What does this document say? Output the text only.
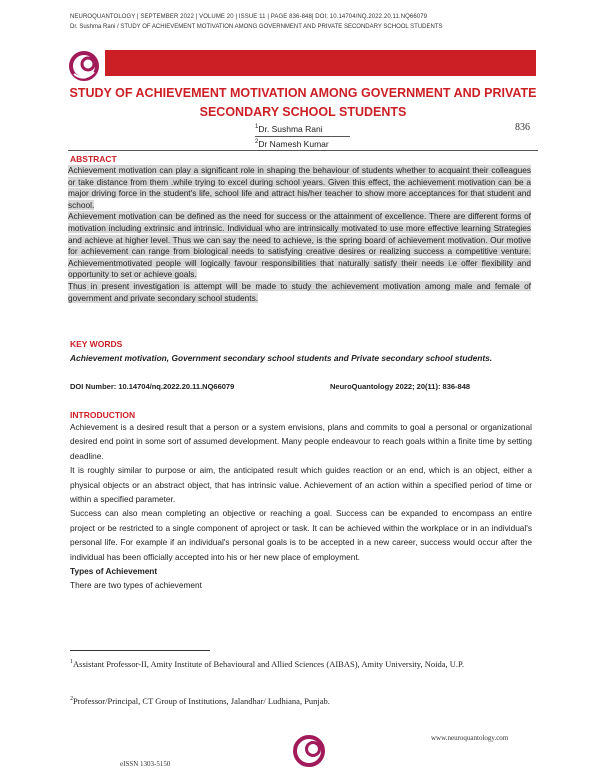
NEUROQUANTOLOGY | SEPTEMBER 2022 | VOLUME 20 | ISSUE 11 | PAGE 836-848| DOI: 10.14704/NQ.2022.20.11.NQ66079
Dr. Sushma Rani / STUDY OF ACHIEVEMENT MOTIVATION AMONG GOVERNMENT AND PRIVATE SECONDARY SCHOOL STUDENTS
STUDY OF ACHIEVEMENT MOTIVATION AMONG GOVERNMENT AND PRIVATE SECONDARY SCHOOL STUDENTS
$^1$Dr. Sushma Rani
$^2$Dr Namesh Kumar
836
ABSTRACT

Achievement motivation can play a significant role in shaping the behaviour of students whether to acquaint their colleagues or take distance from them .while trying to excel during school years. Given this effect, the achievement motivation can be a major driving force in the student's life, school life and attract his/her teacher to show more acceptances for that student and school.

Achievement motivation can be defined as the need for success or the attainment of excellence. There are different forms of motivation including extrinsic and intrinsic. Individual who are intrinsically motivated to use more effective learning Strategies and achieve at higher level. Thus we can say the need to achieve, is the spring board of achievement motivation. Our motive for achievement can range from biological needs to satisfying creative desires or realizing success a competitive venture. Achievementmotivated people will logically favour responsibilities that naturally satisfy their needs i.e offer flexibility and opportunity to set or achieve goals.

Thus in present investigation is attempt will be made to study the achievement motivation among male and female of government and private secondary school students.

KEY WORDS
Achievement motivation, Government secondary school students and Private secondary school students.
DOI Number: 10.14704/nq.2022.20.11.NQ66079	NeuroQuantology 2022; 20(11): 836-848
INTRODUCTION

Achievement is a desired result that a person or a system envisions, plans and commits to goal a personal or organizational desired end point in some sort of assumed development. Many people endeavour to reach goals within a finite time by setting deadline.

It is roughly similar to purpose or aim, the anticipated result which guides reaction or an end, which is an object, either a physical objects or an abstract object, that has intrinsic value. Achievement of an action within a specified period of time or within a specified parameter.

Success can also mean completing an objective or reaching a goal. Success can be expanded to encompass an entire project or be restricted to a single component of aproject or task. It can be achieved within the workplace or in an individual's personal life. For example if an individual's personal goals is to be accepted in a new career, success would occur after the individual has been officially accepted into his or her new place of employment.

Types of Achievement

There are two types of achievement

$^1$Assistant Professor-II, Amity Institute of Behavioural and Allied Sciences (AIBAS), Amity University, Noida, U.P.
$^2$Professor/Principal, CT Group of Institutions, Jalandhar/ Ludhiana, Punjab.
www.neuroquantology.com
eISSN 1303-5150
